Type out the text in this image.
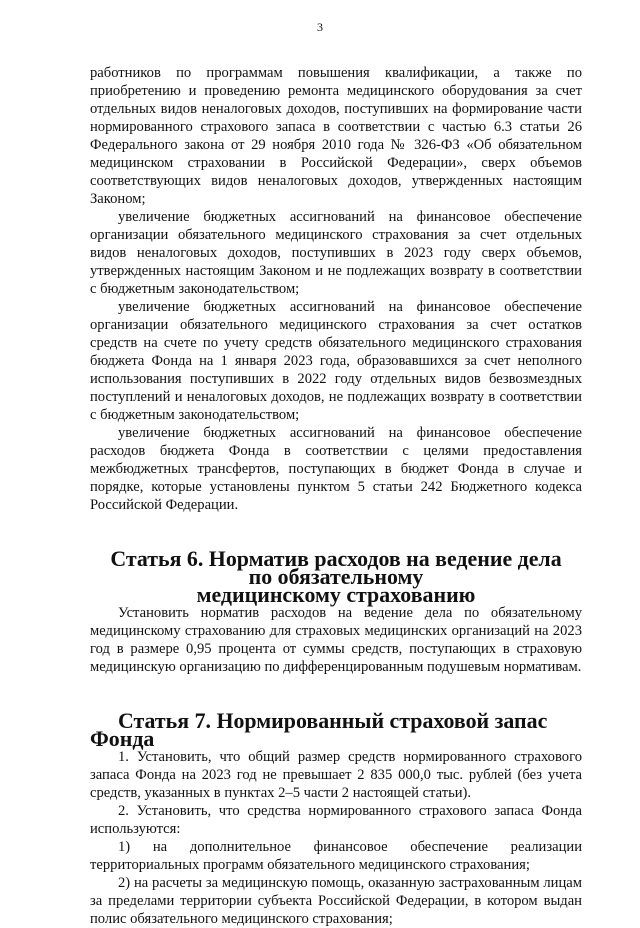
3

работников по программам повышения квалификации, а также по приобретению и проведению ремонта медицинского оборудования за счет отдельных видов неналоговых доходов, поступивших на формирование части нормированного страхового запаса в соответствии с частью 6.3 статьи 26 Федерального закона от 29 ноября 2010 года № 326-ФЗ «Об обязательном медицинском страховании в Российской Федерации», сверх объемов соответствующих видов неналоговых доходов, утвержденных настоящим Законом;

увеличение бюджетных ассигнований на финансовое обеспечение организации обязательного медицинского страхования за счет отдельных видов неналоговых доходов, поступивших в 2023 году сверх объемов, утвержденных настоящим Законом и не подлежащих возврату в соответствии с бюджетным законодательством;

увеличение бюджетных ассигнований на финансовое обеспечение организации обязательного медицинского страхования за счет остатков средств на счете по учету средств обязательного медицинского страхования бюджета Фонда на 1 января 2023 года, образовавшихся за счет неполного использования поступивших в 2022 году отдельных видов безвозмездных поступлений и неналоговых доходов, не подлежащих возврату в соответствии с бюджетным законодательством;

увеличение бюджетных ассигнований на финансовое обеспечение расходов бюджета Фонда в соответствии с целями предоставления межбюджетных трансфертов, поступающих в бюджет Фонда в случае и порядке, которые установлены пунктом 5 статьи 242 Бюджетного кодекса Российской Федерации.

Статья 6. Норматив расходов на ведение дела по обязательному
медицинскому страхованию

Установить норматив расходов на ведение дела по обязательному медицинскому страхованию для страховых медицинских организаций на 2023 год в размере 0,95 процента от суммы средств, поступающих в страховую медицинскую организацию по дифференцированным подушевым нормативам.

Статья 7. Нормированный страховой запас Фонда

1. Установить, что общий размер средств нормированного страхового запаса Фонда на 2023 год не превышает 2 835 000,0 тыс. рублей (без учета средств, указанных в пунктах 2–5 части 2 настоящей статьи).

2. Установить, что средства нормированного страхового запаса Фонда используются:

1) на дополнительное финансовое обеспечение реализации территориальных программ обязательного медицинского страхования;

2) на расчеты за медицинскую помощь, оказанную застрахованным лицам за пределами территории субъекта Российской Федерации, в котором выдан полис обязательного медицинского страхования;
